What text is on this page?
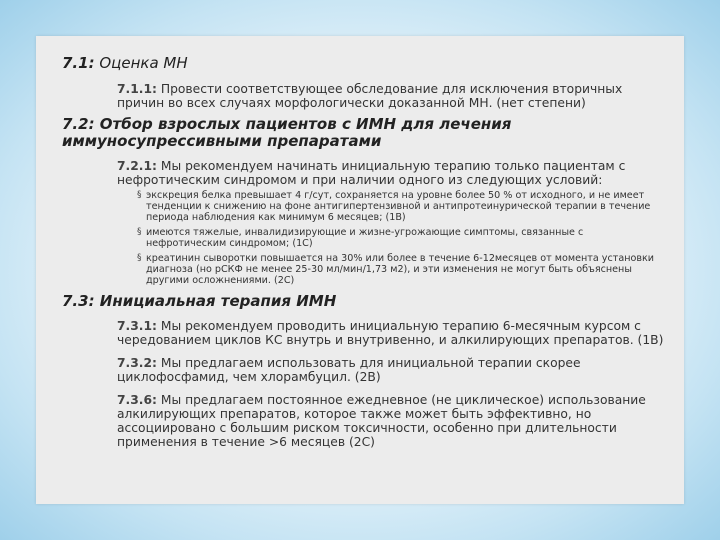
7.1: Оценка МН
7.1.1: Провести соответствующее обследование для исключения вторичных причин во всех случаях морфологически доказанной МН. (нет степени)
7.2: Отбор взрослых пациентов с ИМН для лечения иммуносупрессивными препаратами
7.2.1: Мы рекомендуем начинать инициальную терапию только пациентам с нефротическим синдромом и при наличии одного из следующих условий:
§ экскреция белка превышает 4 г/сут, сохраняется на уровне более 50 % от исходного, и не имеет тенденции к снижению на фоне антигипертензивной и антипротеинурической терапии в течение периода наблюдения как минимум 6 месяцев; (1В)
§ имеются тяжелые, инвалидизирующие и жизне-угрожающие симптомы, связанные с нефротическим синдромом; (1С)
§ креатинин сыворотки повышается на 30% или более в течение 6-12месяцев от момента установки диагноза (но рСКФ не менее 25-30 мл/мин/1,73 м2), и эти изменения не могут быть объяснены другими осложнениями. (2С)
7.3: Инициальная терапия ИМН
7.3.1: Мы рекомендуем проводить инициальную терапию 6-месячным курсом с чередованием циклов КС внутрь и внутривенно, и алкилирующих препаратов. (1В)
7.3.2: Мы предлагаем использовать для инициальной терапии скорее циклофосфамид, чем хлорамбуцил. (2В)
7.3.6: Мы предлагаем постоянное ежедневное (не циклическое) использование алкилирующих препаратов, которое также может быть эффективно, но ассоциировано с большим риском токсичности, особенно при длительности применения в течение >6 месяцев (2С)
